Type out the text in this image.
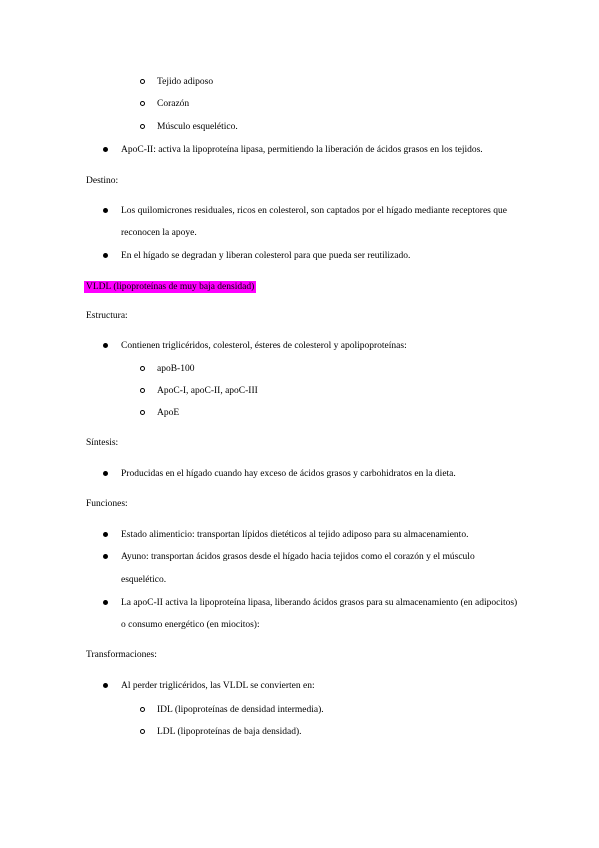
Tejido adiposo
Corazón
Músculo esquelético.
ApoC-II: activa la lipoproteína lipasa, permitiendo la liberación de ácidos grasos en los tejidos.
Destino:
Los quilomicrones residuales, ricos en colesterol, son captados por el hígado mediante receptores que
reconocen la apoye.
En el hígado se degradan y liberan colesterol para que pueda ser reutilizado.
VLDL (lipoproteínas de muy baja densidad)
Estructura:
Contienen triglicéridos, colesterol, ésteres de colesterol y apolipoproteínas:
apoB-100
ApoC-I, apoC-II, apoC-III
ApoE
Síntesis:
Producidas en el hígado cuando hay exceso de ácidos grasos y carbohidratos en la dieta.
Funciones:
Estado alimenticio: transportan lípidos dietéticos al tejido adiposo para su almacenamiento.
Ayuno: transportan ácidos grasos desde el hígado hacia tejidos como el corazón y el músculo
esquelético.
La apoC-II activa la lipoproteína lipasa, liberando ácidos grasos para su almacenamiento (en adipocitos)
o consumo energético (en miocitos):
Transformaciones:
Al perder triglicéridos, las VLDL se convierten en:
IDL (lipoproteínas de densidad intermedia).
LDL (lipoproteínas de baja densidad).
